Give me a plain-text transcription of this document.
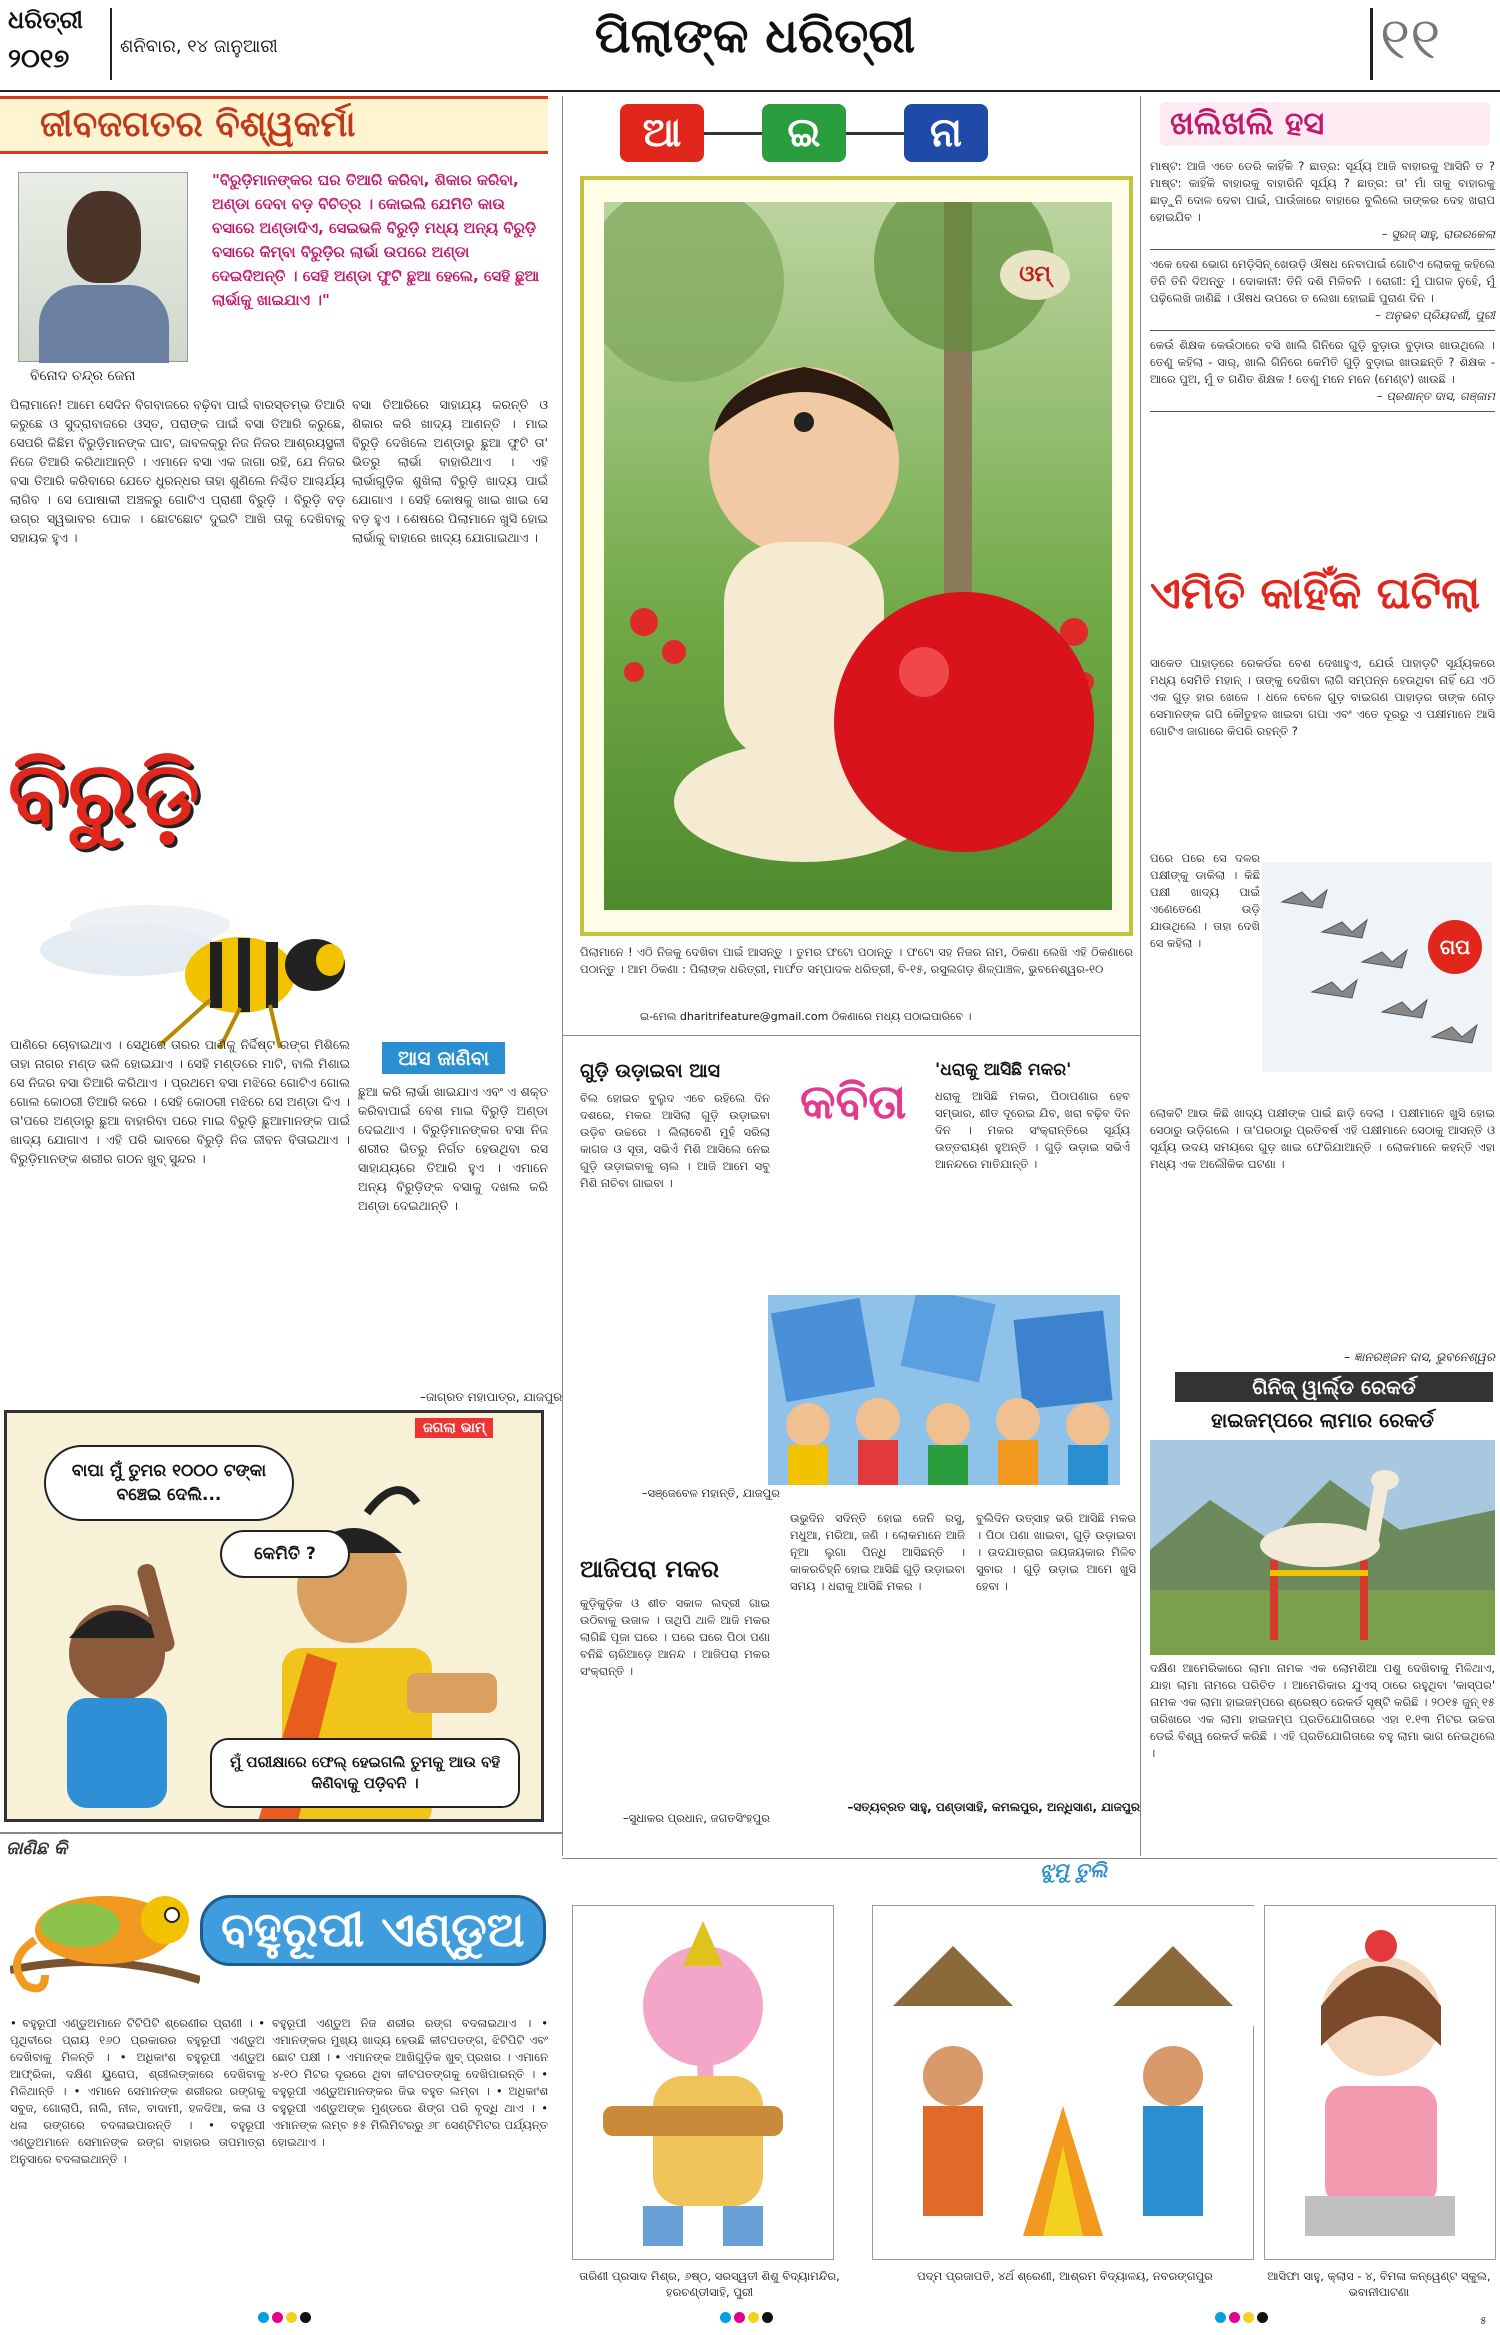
ଧରିତ୍ରୀ
୨୦୧୭	ଶନିବାର, ୧୪ ଜାନୁଆରୀ	ପିଲାଙ୍କ ଧରିତ୍ରୀ	୧୧
ଜୀବଜଗତର ବିଶ୍ୱକର୍ମା
ବିନୋଦ ଚନ୍ଦ୍ର ଜେନା
"ବିରୁଡ଼ିମାନଙ୍କର ଘର ତିଆରି କରିବା, ଶିକାର କରିବା, ଅଣ୍ଡା ଦେବା ବଡ଼ ବିଚିତ୍ର । କୋଇଲି ଯେମିତି କାଉ ବସାରେ ଅଣ୍ଡାଦିଏ, ସେଇଭଳି ବିରୁଡ଼ି ମଧ୍ୟ ଅନ୍ୟ ବିରୁଡ଼ି ବସାରେ କିମ୍ବା ବିରୁଡ଼ିର ଲାର୍ଭା ଉପରେ ଅଣ୍ଡା ଦେଇଦିଅନ୍ତି । ସେହି ଅଣ୍ଡା ଫୁଟି ଛୁଆ ହେଲେ, ସେହି ଛୁଆ ଲାର୍ଭାକୁ ଖାଇଯାଏ ।"
ପିଲାମାନେ! ଆମେ ସେଦିନ ବିଗବାଜରେ ବଢ଼ିବା ପାଇଁ ବାରସ୍ତମ୍ଭ ତିଆରି କରୁଛେ ଓ ସୁଦ୍ରାବାଜରେ ଓସ୍ତ, ପରାଙ୍କ ପାଇଁ ବସା ତିଆରି କରୁଛେ, ସେପରି କିଛିମ ବିରୁଡ଼ିମାନଙ୍କ ଘାଟ, ଜାବଳକ୍ରୁ ନିଜ ନିଜର ଆଶ୍ରୟସ୍ଥଳୀ ନିଜେ ତିଆରି କରିଥାଆନ୍ତି । ଏମାନେ ବସା ଏକ ଜାଗା ରହି, ଯେ ନିଜର ବସା ତିଆରି କରିବାରେ ଯେତେ ଧୁରନ୍ଧର ତାହା ଶୁଣିଲେ ନିଶ୍ଚିତ ଆଶ୍ଚର୍ଯ୍ୟ ଲାଗିବ । ସେ ପୋଷାକୀ ଅଞ୍ଚଳରୁ ଗୋଟିଏ ପ୍ରାଣୀ ବିରୁଡ଼ି । ବିରୁଡ଼ି ବଡ଼ ଉଗ୍ର ସ୍ୱଭାବର ପୋକ । ଛୋଟଛୋଟ ଦୁଇଟି ଆଖି ତାକୁ ଦେଖିବାକୁ ସହାୟକ ହୁଏ ।
ବସା ତିଆରିରେ ସାହାଯ୍ୟ କରନ୍ତି ଓ ଶିକାର କରି ଖାଦ୍ୟ ଆଣନ୍ତି । ମାଇ ବିରୁଡ଼ି ଦେଖିଲେ ଅଣ୍ଡାରୁ ଛୁଆ ଫୁଟି ତା' ଭିତରୁ ଲାର୍ଭା ବାହାରିଥାଏ । ଏହି ଲାର୍ଭାଗୁଡ଼ିକ ଶୁଖିଲା ବିରୁଡ଼ି ଖାଦ୍ୟ ପାଇଁ ଯୋଗାଏ । ସେହି କୋଷକୁ ଖାଇ ଖାଇ ସେ ବଡ଼ ହୁଏ । ଶେଷରେ ପିଲାମାନେ ଖୁସି ହୋଇ ଲାର୍ଭାକୁ ବାହାରେ ଖାଦ୍ୟ ଯୋଗାଇଥାଏ ।
ବିରୁଡ଼ି
ଆସ ଜାଣିବା
ପାଣିରେ ଚୋବାଇଥାଏ । ସେଥିରେ ତାରର ପାଣିକୁ ନିର୍ଦ୍ଦିଷ୍ଟ ରଙ୍ଗ ମିଶିଲେ ତାହା ନାଗର ମଣ୍ଡ ଭଳି ହୋଇଯାଏ । ସେହି ମଣ୍ଡରେ ମାଟି, ବାଲି ମିଶାଇ ସେ ନିଜର ବସା ତିଆରି କରିଥାଏ । ପ୍ରଥମେ ବସା ମଝିରେ ଗୋଟିଏ ଗୋଲ ଗୋଲ କୋଠରୀ ତିଆରି କରେ । ସେହି କୋଠରୀ ମଝିରେ ସେ ଅଣ୍ଡା ଦିଏ । ତା'ପରେ ଅଣ୍ଡାରୁ ଛୁଆ ବାହାରିବା ପରେ ମାଇ ବିରୁଡ଼ି ଛୁଆମାନଙ୍କ ପାଇଁ ଖାଦ୍ୟ ଯୋଗାଏ । ଏହି ପରି ଭାବରେ ବିରୁଡ଼ି ନିଜ ଜୀବନ ବିତାଇଥାଏ । ବିରୁଡ଼ିମାନଙ୍କ ଶରୀର ଗଠନ ଖୁବ୍ ସୁନ୍ଦର ।
ଛୁଆ କରି ଲାର୍ଭା ଖାଇଯାଏ ଏବଂ ଏ ଶକ୍ତ କରିବାପାଇଁ ବେଶ ମାଇ ବିରୁଡ଼ି ଅଣ୍ଡା ଦେଇଥାଏ । ବିରୁଡ଼ିମାନଙ୍କର ବସା ନିଜ ଶରୀର ଭିତରୁ ନିର୍ଗତ ହେଉଥିବା ରସ ସାହାଯ୍ୟରେ ତିଆରି ହୁଏ । ଏମାନେ ଅନ୍ୟ ବିରୁଡ଼ିଙ୍କ ବସାକୁ ଦଖଲ କରି ଅଣ୍ଡା ଦେଇଥାନ୍ତି ।
–ଜାଗ୍ରତ ମହାପାତ୍ର, ଯାଜପୁର
ଜଗଲା ଭାମ୍
ବାପା ମୁଁ ତୁମର ୧୦୦୦ ଟଙ୍କା ବଞ୍ଚେଇ ଦେଲି...
କେମିତି ?
ମୁଁ ପରୀକ୍ଷାରେ ଫେଲ୍ ହେଇଗଲି ତୁମକୁ ଆଉ ବହି କିଣିବାକୁ ପଡ଼ିବନି ।
ଜାଣିଛ କି
ବହୁରୂପୀ ଏଣ୍ଡୁଅ
• ବହୁରୂପୀ ଏଣ୍ଡୁଅମାନେ ଟିଟିପିଟି ଶ୍ରେଣୀର ପ୍ରାଣୀ । • ପୃଥିବୀରେ ପ୍ରାୟ ୧୬୦ ପ୍ରକାରର ବହୁରୂପୀ ଏଣ୍ଡୁଅ ଦେଖିବାକୁ ମିଳନ୍ତି । • ଅଧିକାଂଶ ବହୁରୂପୀ ଏଣ୍ଡୁଅ ଆଫ୍ରିକା, ଦକ୍ଷିଣ ୟୁରୋପ, ଶ୍ରୀଲଙ୍କାରେ ଦେଖିବାକୁ ମିଳିଥାନ୍ତି । • ଏମାନେ ସେମାନଙ୍କ ଶରୀରର ରଙ୍ଗକୁ ସବୁଜ, ଗୋଲାପି, ନାଲି, ନୀଳ, ବାଦାମୀ, ହଳଦିଆ, କଳା ଓ ଧଳା ରଙ୍ଗରେ ବଦଳାଇପାରନ୍ତି । • ବହୁରୂପୀ ଏଣ୍ଡୁଅମାନେ ସେମାନଙ୍କ ରଙ୍ଗ ବାହାରର ତାପମାତ୍ରା ଅନୁସାରେ ବଦଳାଇଥାନ୍ତି ।
ବହୁରୂପୀ ଏଣ୍ଡୁଅ ନିଜ ଶରୀର ରଙ୍ଗ ବଦଳାଇଥାଏ । • ଏମାନଙ୍କର ମୁଖ୍ୟ ଖାଦ୍ୟ ହେଉଛି କୀଟପତଙ୍ଗ, ଝିଟିପିଟି ଏବଂ ଛୋଟ ପକ୍ଷୀ । • ଏମାନଙ୍କ ଆଖିଗୁଡ଼ିକ ଖୁବ୍ ପ୍ରଖର । ଏମାନେ ୪-୧୦ ମିଟର ଦୂରରେ ଥିବା କୀଟପତଙ୍ଗକୁ ଦେଖିପାରନ୍ତି । • ବହୁରୂପୀ ଏଣ୍ଡୁଅମାନଙ୍କର ଜିଭ ବହୁତ ଲମ୍ବା । • ଅଧିକାଂଶ ବହୁରୂପୀ ଏଣ୍ଡୁଅଙ୍କ ମୁଣ୍ଡରେ ଶିଙ୍ଗ ପରି ବୃଦ୍ଧି ଥାଏ । • ଏମାନଙ୍କ ଲମ୍ବ ୫୫ ମିଲିମିଟରରୁ ୬୮ ସେଣ୍ଟିମିଟର ପର୍ଯ୍ୟନ୍ତ ହୋଇଥାଏ ।
ଆ	ଇ	ନା
ଓମ୍
ପିଲାମାନେ ! ଏଠି ନିଜକୁ ଦେଖିବା ପାଇଁ ଆସନ୍ତୁ । ତୁମର ଫଟୋ ପଠାନ୍ତୁ । ଫଟୋ ସହ ନିଜର ନାମ, ଠିକଣା ଲେଖି ଏହି ଠିକଣାରେ ପଠାନ୍ତୁ । ଆମ ଠିକଣା : ପିଲାଙ୍କ ଧରିତ୍ରୀ, ମାର୍ଫତ ସମ୍ପାଦକ ଧରିତ୍ରୀ, ବି-୧୫, ରସୁଲଗଡ଼ ଶିଳ୍ପାଞ୍ଚଳ, ଭୁବନେଶ୍ୱର-୧୦
ଇ-ମେଲ dharitrifeature@gmail.com ଠିକଣାରେ ମଧ୍ୟ ପଠାଇପାରିବେ ।
ଗୁଡ଼ି ଉଡ଼ାଇବା ଆସ
ବିଲ ହୋଇଚ ବୁଲୁଦ ଏବେ ରହିଲେ ଦିନ ଦଶରେ, ମକର ଆସିଲା ଗୁଡ଼ି ଉଡ଼ାଇବା ଉଡ଼ିବ ଉଚ୍ଚରେ । ଲିଲାବେଣି ମୁହଁ ସରିଲା କାଗଜ ଓ ସୂତା, ସଭିଏଁ ମିଶି ଆସିଲେ ନେଇ ଗୁଡ଼ି ଉଡ଼ାଇବାକୁ ଚାଲ । ଆଜି ଆମେ ସବୁ ମିଶି ନାଚିବା ଗାଇବା ।
–ସଞ୍ଜେବେଳ ମହାନ୍ତି, ଯାଜପୁର
କବିତା
'ଧରାକୁ ଆସିଛି ମକର'
ଧରାକୁ ଆସିଛି ମକର, ପିଠାପଣାର ହେବ ସମ୍ଭାର, ଶୀତ ଦୂରେଇ ଯିବ, ଖରା ବଢ଼ିବ ଦିନ ଦିନ । ମକର ସଂକ୍ରାନ୍ତିରେ ସୂର୍ଯ୍ୟ ଉତ୍ତରାୟଣ ହୁଅନ୍ତି । ଗୁଡ଼ି ଉଡ଼ାଇ ସଭିଏଁ ଆନନ୍ଦରେ ମାତିଯାନ୍ତି ।
ଆଜିପରା ମକର
କୁଡ଼ିକୁଡ଼ିକ ଓ ଶୀତ ସକାଳ ଲଦ୍ରୀ ଗାଇ ଉଠିବାକୁ ଉଜାଳ । ତାଥିପି ଥାଳି ଆଜି ମକର ଲାଗିଛି ପୂଜା ଘରେ । ଘରେ ଘରେ ପିଠା ପଣା ବନିଛି ଚାରିଆଡ଼େ ଆନନ୍ଦ । ଆଜିପରା ମକର ସଂକ୍ରାନ୍ତି ।
–ସୁଧାକର ପ୍ରଧାନ, ଜଗତସିଂହପୁର
ଉଭୁଦିନ ସଦିନ୍ତି ହୋଇ ଜେନି ରସୁ, ମଧୁଆ, ମରିଆ, ଜଣି । ଲୋକମାନେ ଆଜି ନୂଆ ଲୁଗା ପିନ୍ଧି ଆସିଛନ୍ତି । କାକରଚିହ୍ନି ହୋଇ ଆସିଛି ଗୁଡ଼ି ଉଡ଼ାଇବା ସମୟ । ଧରାକୁ ଆସିଛି ମକର ।
ବୁଲିଦିନ ଉତ୍ସାହ ଭରି ଆସିଛି ମକର । ପିଠା ପଣା ଖାଇବା, ଗୁଡ଼ି ଉଡ଼ାଇବା । ଉଦଯାତ୍ରାର ଜୟଜୟକାର ମିଳିବ ସୁବାର । ଗୁଡ଼ି ଉଡ଼ାଇ ଆମେ ଖୁସି ହେବା ।
–ସତ୍ୟବ୍ରତ ସାହୁ, ପଣ୍ଡାସାହି, କମଲପୁର, ଅନ୍ଧିସାଣ, ଯାଜପୁର
ଖଲିଖଲି ହସ
ମାଷ୍ଟ: ଆଜି ଏତେ ଡେରି କାହିଁକି ? ଛାତ୍ର: ସୂର୍ଯ୍ୟ ଆଜି ବାହାରକୁ ଆସିନି ତ ? ମାଷ୍ଟ: କାହିଁକି ବାହାରକୁ ବାହାରିନି ସୂର୍ଯ୍ୟ ? ଛାତ୍ର: ତା' ମାଁ ତାକୁ ବାହାରକୁ ଛାଡ଼ୁନି ଦୋଳ ଦେବା ପାଇଁ, ପାଉଁଜାରେ ବାହାରେ ବୁଲିଲେ ତାଙ୍କର ଦେହ ଖରାପ ହୋଇଯିବ ।
– ସୁରଜ୍ ସାହୁ, ରାଉରକେଲା
ଏକେ ଦେଶ ଭୋଗ ମେଡ଼ିସିନ୍ ଖେଉଡ଼ି ଔଷଧ ନେବାପାଇଁ ଗୋଟିଏ ଲୋକକୁ କହିଲେ ତିନି ତିନି ଦିଅନ୍ତୁ । ଦୋକାନୀ: ତିନି ଦଶି ମିଳିବନି । ରୋଗୀ: ମୁଁ ପାଗଳ ନୁହେଁ, ମୁଁ ପଢ଼ିଲେଖି ଜାଣିଛି । ଔଷଧ ଉପରେ ତ ଲେଖା ହୋଇଛି ପୁରାଣ ଦିନ ।
– ଅନୁଭବ ପ୍ରିୟଦର୍ଶୀ, ପୁରୀ
କେଉଁ ଶିକ୍ଷକ କେଉଁଠାରେ ବସି ଖାଲି ଗିନିରେ ଗୁଡ଼ି ବୁଡ଼ାଉ ବୁଡ଼ାଉ ଖାଉଥିଲେ । ତେଣୁ କହିଲା - ସାର୍, ଖାଲି ଗିନିରେ କେମିତି ଗୁଡ଼ି ବୁଡ଼ାଇ ଖାଉଛନ୍ତି ? ଶିକ୍ଷକ - ଆରେ ପୁଅ, ମୁଁ ତ ଗଣିତ ଶିକ୍ଷକ ! ତେଣୁ ମନେ ମନେ (ମେଣ୍ଟ) ଖାଉଛି ।
– ପ୍ରଶାନ୍ତ ଦାସ, ଗଞ୍ଜାମ
ଏମିତି କାହିଁକି ଘଟିଲା
ସାକେତ ପାହାଡ଼ରେ ରେକର୍ଡର ବେଶ ଦେଖାହୁଏ, ଯେଉଁ ପାହାଡ଼ଟି ସୂର୍ଯ୍ୟକରେ ମଧ୍ୟ ସେମିତି ମହାନ୍ । ତାଙ୍କୁ ଦେଖିବା ଲାଗି ସମ୍ପନ୍ନ ହେଉଥିବା ନାହିଁ ଯେ ଏଠି ଏକ ଗୁଡ଼ ହାର ଖେଳେ । ଧଳେ ବେଳେ ଗୁଡ଼ ବାଇଗଣ ପାହାଡ଼ର ତାଙ୍କ ନୋଡ଼ ସେମାନଙ୍କ ଗପି କୌତୁହଳ ଖାଇବା ଗପା ଏବଂ ଏତେ ଦୂରରୁ ଏ ପକ୍ଷୀମାନେ ଆସି ଗୋଟିଏ ଜାଗାରେ କିପରି ରହନ୍ତି ?
ପରେ ପରେ ସେ ଦଳର ପକ୍ଷୀଙ୍କୁ ଡାକିଲା । କିଛି ପକ୍ଷୀ ଖାଦ୍ୟ ପାଇଁ ଏଣେତେଣେ ଉଡ଼ି ଯାଉଥିଲେ । ତାହା ଦେଖି ସେ କହିଲା ।	ଗପ
ଲୋକଟି ଆଉ କିଛି ଖାଦ୍ୟ ପକ୍ଷୀଙ୍କ ପାଇଁ ଛାଡ଼ି ଦେଲା । ପକ୍ଷୀମାନେ ଖୁସି ହୋଇ ସେଠାରୁ ଉଡ଼ିଗଲେ । ତା'ପରଠାରୁ ପ୍ରତିବର୍ଷ ଏହି ପକ୍ଷୀମାନେ ସେଠାକୁ ଆସନ୍ତି ଓ ସୂର୍ଯ୍ୟ ଉଦୟ ସମୟରେ ଗୁଡ଼ ଖାଇ ଫେରିଯାଆନ୍ତି । ଲୋକମାନେ କହନ୍ତି ଏହା ମଧ୍ୟ ଏକ ଅଲୌକିକ ଘଟଣା ।
– ଜ୍ଞାନରଞ୍ଜନ ଦାସ, ଭୁବନେଶ୍ୱର
ଗିନିଜ୍ ୱାର୍ଲ୍ଡ ରେକର୍ଡ
ହାଇଜମ୍ପରେ ଲାମାର ରେକର୍ଡ
ଦକ୍ଷିଣ ଆମେରିକାରେ ଲାମା ନାମକ ଏକ ଲୋମଶିଆ ପଶୁ ଦେଖିବାକୁ ମିଳିଥାଏ, ଯାହା ଲାମା ନାମରେ ପରିଚିତ । ଆମେରିକାର ଯୁଏସ୍ ଠାରେ ରହୁଥିବା 'କାସ୍ପର' ନାମକ ଏକ ଲାମା ହାଇଜମ୍ପରେ ଶ୍ରେଷ୍ଠ ରେକର୍ଡ ସୃଷ୍ଟି କରିଛି । ୨୦୧୫ ଜୁନ୍ ୧୫ ତାରିଖରେ ଏକ ଲାମା ହାଇଜମ୍ପ ପ୍ରତିଯୋଗିତାରେ ଏହା ୧.୧୩ ମିଟର ଉଚ୍ଚତା ଡେଇଁ ବିଶ୍ୱ ରେକର୍ଡ କରିଛି । ଏହି ପ୍ରତିଯୋଗିତାରେ ବହୁ ଲାମା ଭାଗ ନେଇଥିଲେ ।
ଝୁମୁ ତୁଲି
ତାରିଣୀ ପ୍ରସାଦ ମିଶ୍ର, ୬ଷ୍ଠ, ସରସ୍ୱତୀ ଶିଶୁ ବିଦ୍ୟାମନ୍ଦିର, ହରଚଣ୍ଡୀସାହି, ପୁରୀ
ପଦ୍ମ ପ୍ରଜାପତି, ୪ର୍ଥ ଶ୍ରେଣୀ, ଆଶ୍ରମ ବିଦ୍ୟାଳୟ, ନବରଙ୍ଗପୁର	ଆସିଫା ସାହୁ, କ୍ଲାସ - ୪, ବିମଳା କନ୍ୱେଣ୍ଟ ସ୍କୁଲ, ଭବାନୀପାଟଣା
୫
